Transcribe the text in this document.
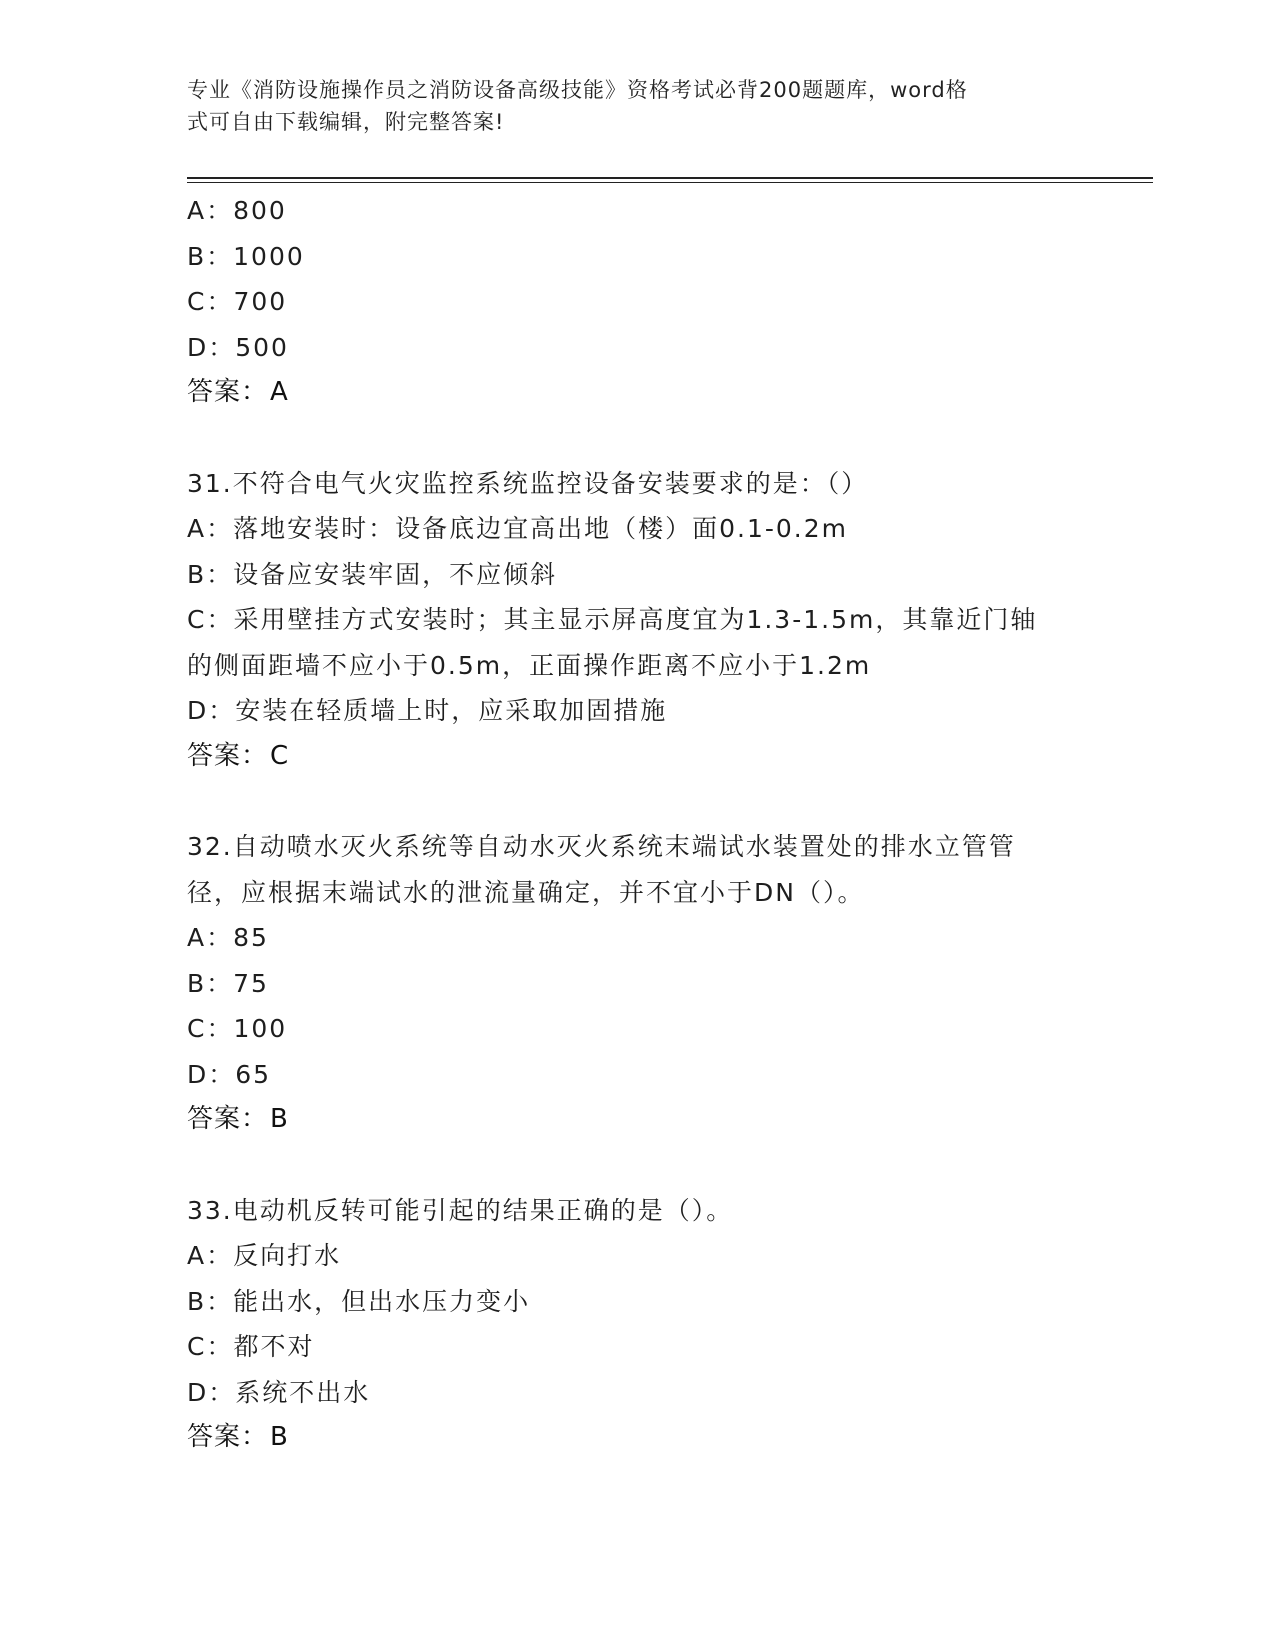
专业《消防设施操作员之消防设备高级技能》资格考试必背200题题库，word格
式可自由下载编辑，附完整答案!
A：800
B：1000
C：700
D：500
答案：A
31.不符合电气火灾监控系统监控设备安装要求的是：（）
A：落地安装时：设备底边宜高出地（楼）面0.1-0.2m
B：设备应安装牢固，不应倾斜
C：采用壁挂方式安装时；其主显示屏高度宜为1.3-1.5m，其靠近门轴
的侧面距墙不应小于0.5m，正面操作距离不应小于1.2m
D：安装在轻质墙上时，应采取加固措施
答案：C
32.自动喷水灭火系统等自动水灭火系统末端试水装置处的排水立管管
径，应根据末端试水的泄流量确定，并不宜小于DN（）。
A：85
B：75
C：100
D：65
答案：B
33.电动机反转可能引起的结果正确的是（）。
A：反向打水
B：能出水，但出水压力变小
C：都不对
D：系统不出水
答案：B
